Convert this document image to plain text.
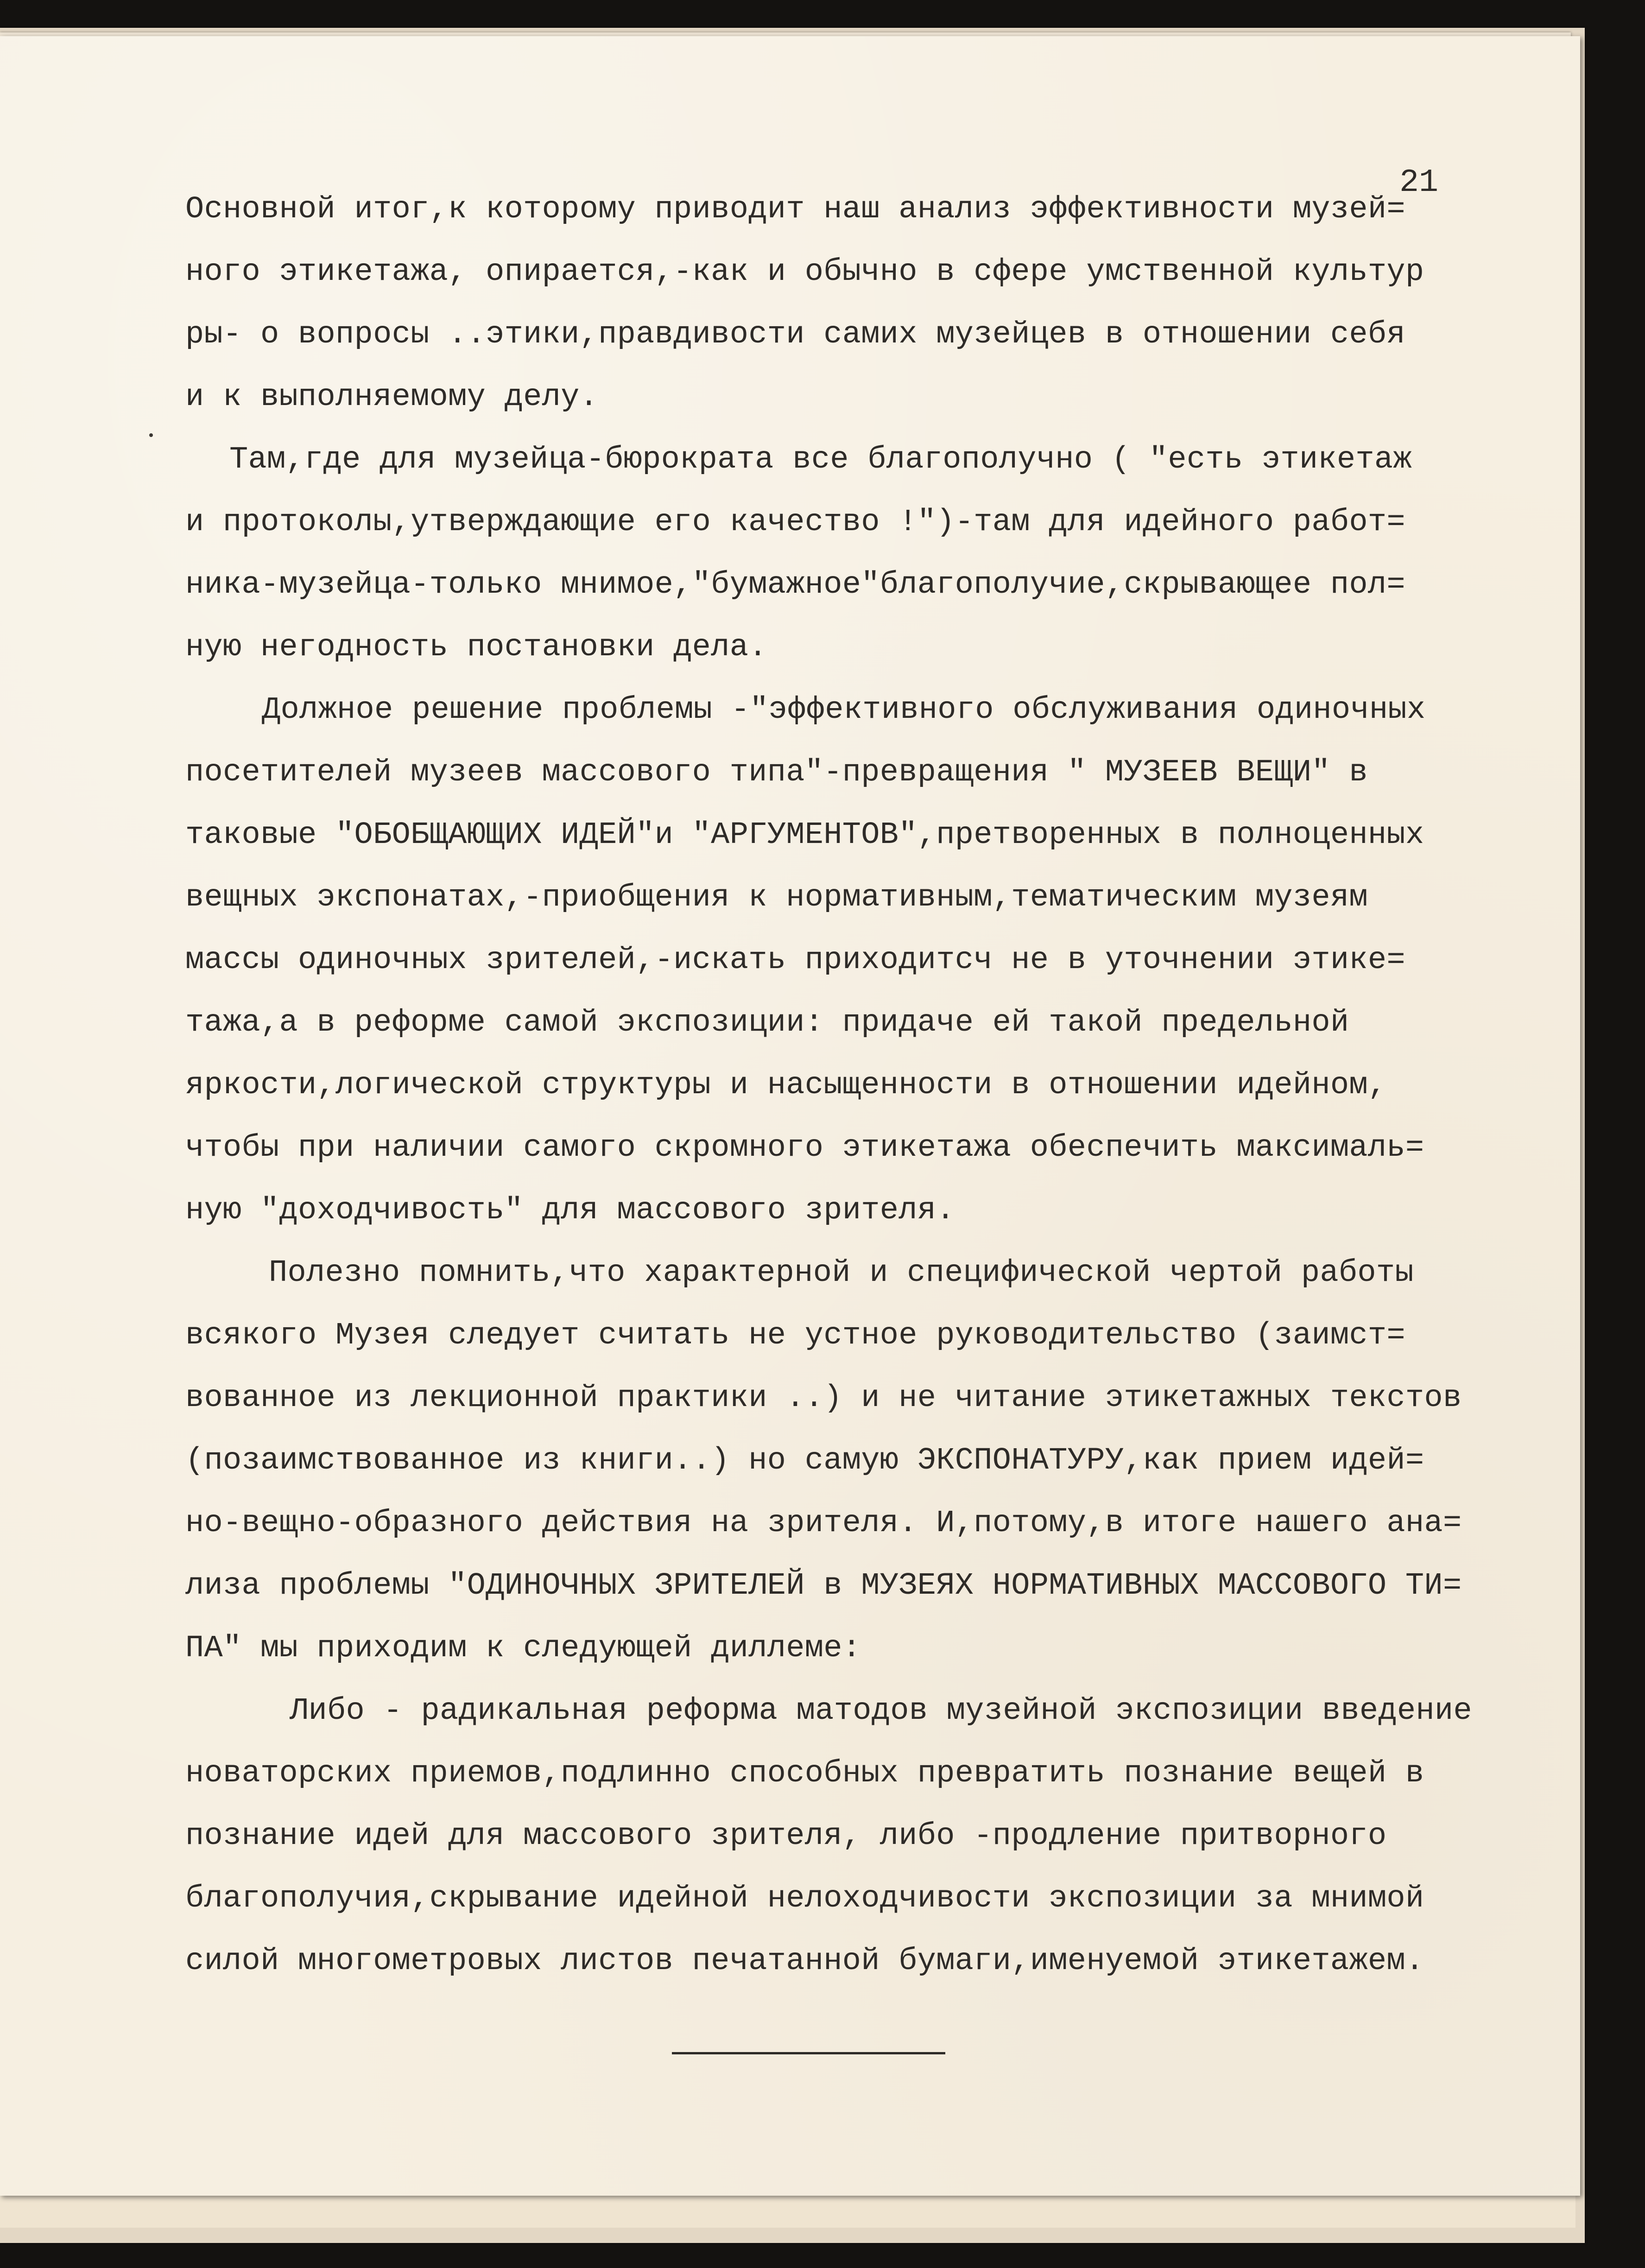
21
Основной итог,к которому приводит наш анализ эффективности музей=
ного этикетажа, опирается,-как и обычно в сфере умственной культур
ры- о вопросы ..этики,правдивости самих музейцев в отношении себя
и к выполняемому делу.
Там,где для музейца-бюрократа все благополучно ( "есть этикетаж
и протоколы,утверждающие его качество !")-там для идейного работ=
ника-музейца-только мнимое,"бумажное"благополучие,скрывающее пол=
ную негодность постановки дела.
Должное решение проблемы -"эффективного обслуживания одиночных
посетителей музеев массового типа"-превращения " МУЗЕЕВ ВЕЩИ" в
таковые "ОБОБЩАЮЩИХ ИДЕЙ"и "АРГУМЕНТОВ",претворенных в полноценных
вещных экспонатах,-приобщения к нормативным,тематическим музеям
массы одиночных зрителей,-искать приходитсч не в уточнении этике=
тажа,а в реформе самой экспозиции: придаче ей такой предельной
яркости,логической структуры и насыщенности в отношении идейном,
чтобы при наличии самого скромного этикетажа обеспечить максималь=
ную "доходчивость" для массового зрителя.
Полезно помнить,что характерной и специфической чертой работы
всякого Музея следует считать не устное руководительство (заимст=
вованное из лекционной практики ..) и не читание этикетажных текстов
(позаимствованное из книги..) но самую ЭКСПОНАТУРУ,как прием идей=
но-вещно-образного действия на зрителя. И,потому,в итоге нашего ана=
лиза проблемы "ОДИНОЧНЫХ ЗРИТЕЛЕЙ в МУЗЕЯХ НОРМАТИВНЫХ МАССОВОГО ТИ=
ПА" мы приходим к следующей диллеме:
Либо - радикальная реформа матодов музейной экспозиции введение
новаторских приемов,подлинно способных превратить познание вещей в
познание идей для массового зрителя, либо -продление притворного
благополучия,скрывание идейной нелоходчивости экспозиции за мнимой
силой многометровых листов печатанной бумаги,именуемой этикетажем.
